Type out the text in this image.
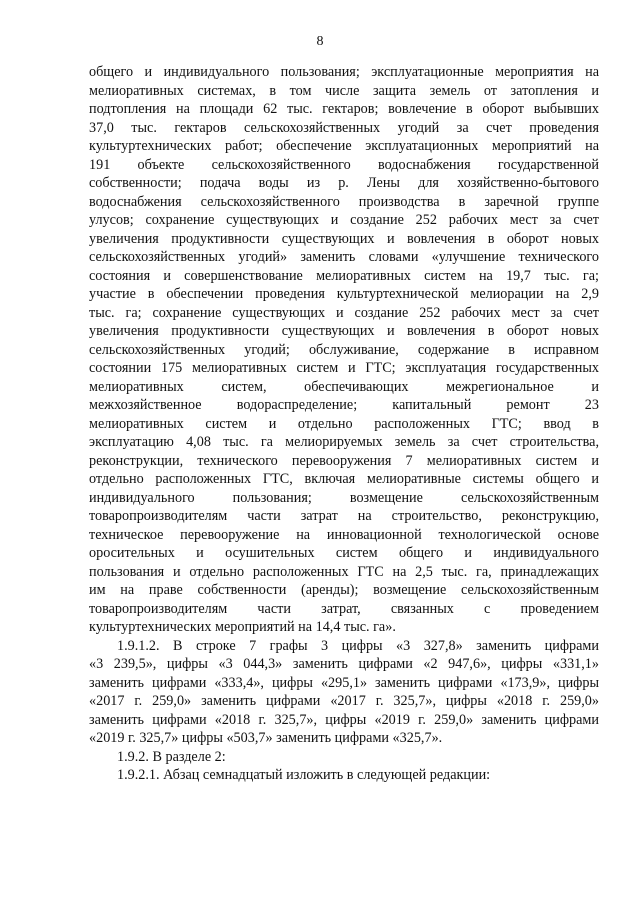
8
общего и индивидуального пользования; эксплуатационные мероприятия на
мелиоративных системах, в том числе защита земель от затопления и
подтопления на площади 62 тыс. гектаров; вовлечение в оборот выбывших
37,0 тыс. гектаров сельскохозяйственных угодий за счет проведения
культуртехнических работ; обеспечение эксплуатационных мероприятий на
191 объекте сельскохозяйственного водоснабжения государственной
собственности; подача воды из р. Лены для хозяйственно-бытового
водоснабжения сельскохозяйственного производства в заречной группе
улусов; сохранение существующих и создание 252 рабочих мест за счет
увеличения продуктивности существующих и вовлечения в оборот новых
сельскохозяйственных угодий» заменить словами «улучшение технического
состояния и совершенствование мелиоративных систем на 19,7 тыс. га;
участие в обеспечении проведения культуртехнической мелиорации на 2,9
тыс. га; сохранение существующих и создание 252 рабочих мест за счет
увеличения продуктивности существующих и вовлечения в оборот новых
сельскохозяйственных угодий; обслуживание, содержание в исправном
состоянии 175 мелиоративных систем и ГТС; эксплуатация государственных
мелиоративных систем, обеспечивающих межрегиональное и
межхозяйственное водораспределение; капитальный ремонт 23
мелиоративных систем и отдельно расположенных ГТС; ввод в
эксплуатацию 4,08 тыс. га мелиорируемых земель за счет строительства,
реконструкции, технического перевооружения 7 мелиоративных систем и
отдельно расположенных ГТС, включая мелиоративные системы общего и
индивидуального пользования; возмещение сельскохозяйственным
товаропроизводителям части затрат на строительство, реконструкцию,
техническое перевооружение на инновационной технологической основе
оросительных и осушительных систем общего и индивидуального
пользования и отдельно расположенных ГТС на 2,5 тыс. га, принадлежащих
им на праве собственности (аренды); возмещение сельскохозяйственным
товаропроизводителям части затрат, связанных с проведением
культуртехнических мероприятий на 14,4 тыс. га».
1.9.1.2. В строке 7 графы 3 цифры «3 327,8» заменить цифрами
«3 239,5», цифры «3 044,3» заменить цифрами «2 947,6», цифры «331,1»
заменить цифрами «333,4», цифры «295,1» заменить цифрами «173,9», цифры
«2017 г. 259,0» заменить цифрами «2017 г. 325,7», цифры «2018 г. 259,0»
заменить цифрами «2018 г. 325,7», цифры «2019 г. 259,0» заменить цифрами
«2019 г. 325,7» цифры «503,7» заменить цифрами «325,7».
1.9.2. В разделе 2:
1.9.2.1. Абзац семнадцатый изложить в следующей редакции:
